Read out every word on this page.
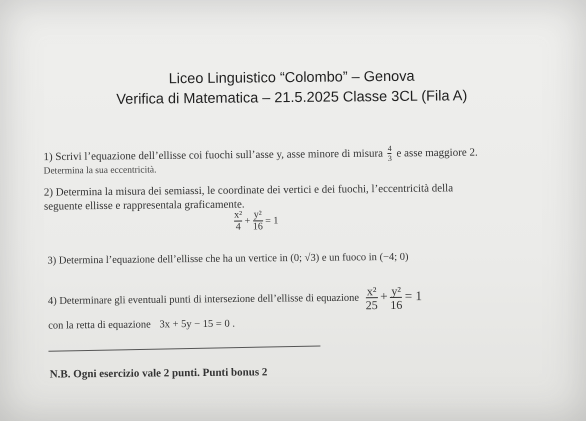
Liceo Linguistico “Colombo” – Genova
Verifica di Matematica – 21.5.2025 Classe 3CL (Fila A)
1) Scrivi l’equazione dell’ellisse coi fuochi sull’asse y, asse minore di misura $\frac{4}{3}$ e asse maggiore 2.
Determina la sua eccentricità.
2) Determina la misura dei semiassi, le coordinate dei vertici e dei fuochi, l’eccentricità della
seguente ellisse e rappresentala graficamente.
$\frac{\text{x²}}{4} + \frac{\text{y²}}{16} = 1$
3) Determina l’equazione dell’ellisse che ha un vertice in (0; √3) e un fuoco in (−4; 0)
4) Determinare gli eventuali punti di intersezione dell’ellisse di equazione $\frac{\text{x²}}{25} + \frac{\text{y²}}{16} = 1$
con la retta di equazione 3x + 5y − 15 = 0 .
N.B. Ogni esercizio vale 2 punti. Punti bonus 2
